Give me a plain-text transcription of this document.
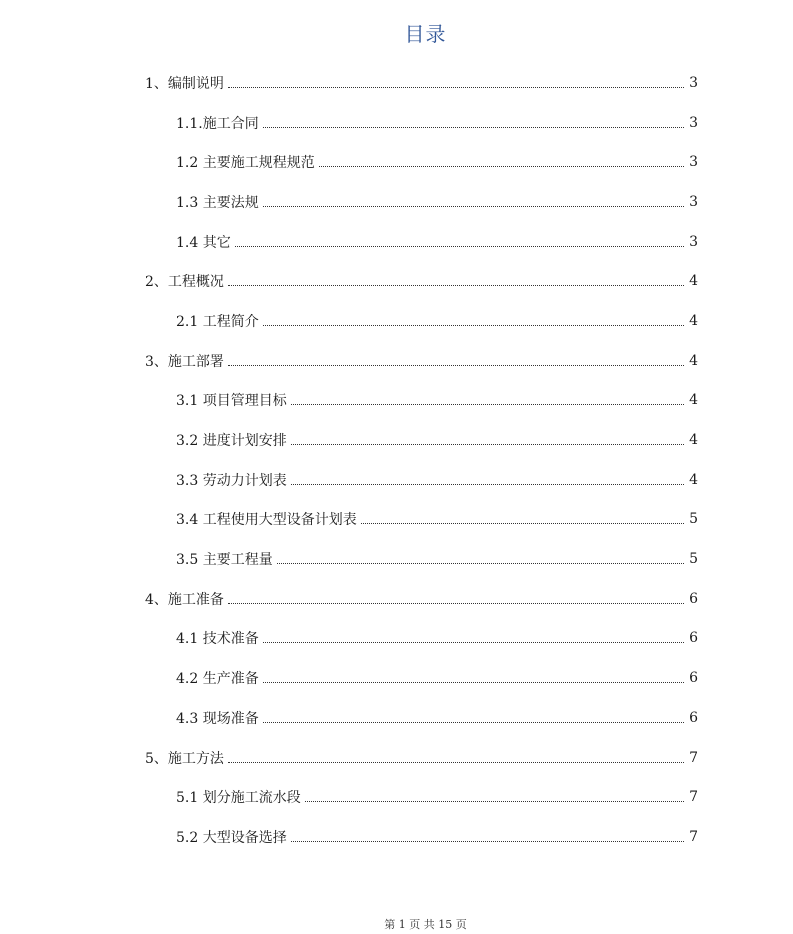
目录
1、编制说明	3
1.1.施工合同	3
1.2 主要施工规程规范	3
1.3 主要法规	3
1.4 其它	3
2、工程概况	4
2.1 工程简介	4
3、施工部署	4
3.1 项目管理目标	4
3.2 进度计划安排	4
3.3 劳动力计划表	4
3.4 工程使用大型设备计划表	5
3.5 主要工程量	5
4、施工准备	6
4.1 技术准备	6
4.2 生产准备	6
4.3 现场准备	6
5、施工方法	7
5.1 划分施工流水段	7
5.2 大型设备选择	7
第 1 页 共 15 页
